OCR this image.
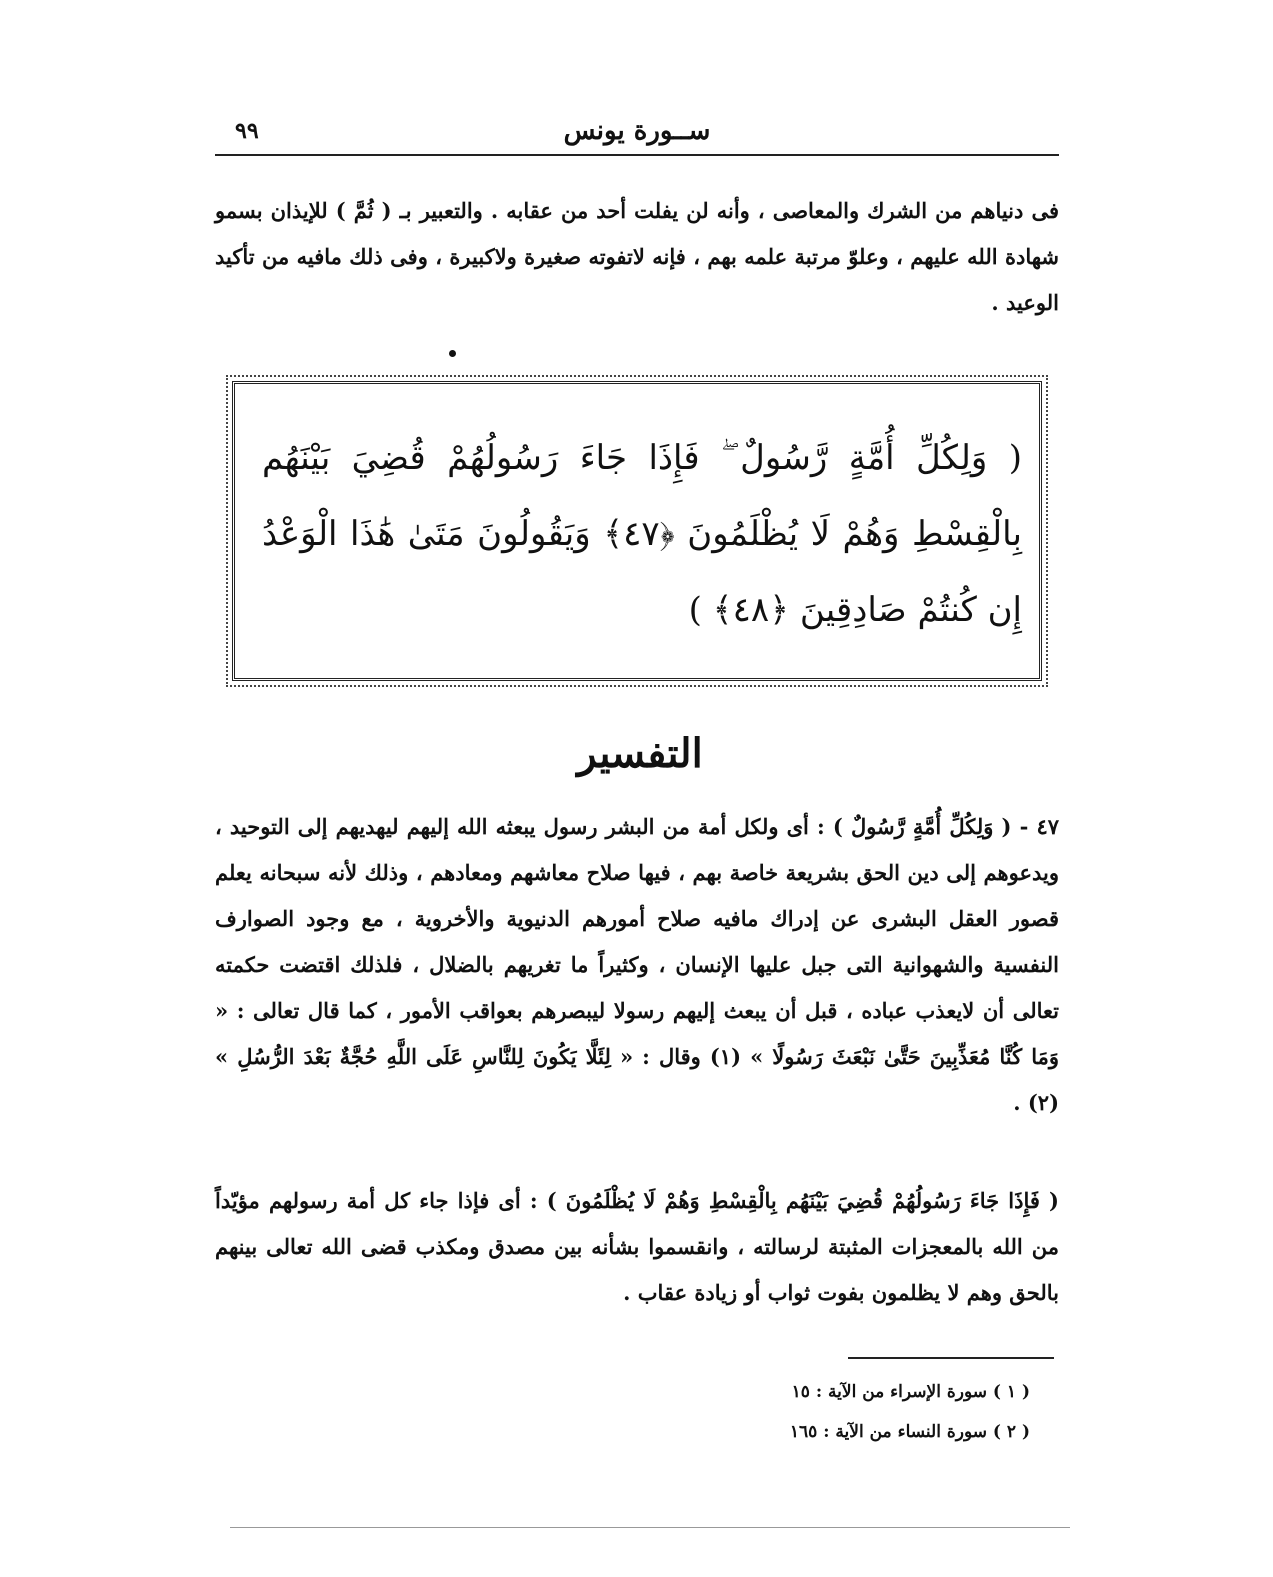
ســورة يونس
٩٩

فى دنياهم من الشرك والمعاصى ، وأنه لن يفلت أحد من عقابه . والتعبير بـ ( ثُمَّ ) للإيذان بسمو شهادة الله عليهم ، وعلوّ مرتبة علمه بهم ، فإنه لاتفوته صغيرة ولاكبيرة ، وفى ذلك مافيه من تأكيد الوعيد .

( وَلِكُلِّ أُمَّةٍ رَّسُولٌ ۖ فَإِذَا جَاءَ رَسُولُهُمْ قُضِيَ بَيْنَهُم بِالْقِسْطِ وَهُمْ لَا يُظْلَمُونَ ﴿٤٧﴾ وَيَقُولُونَ مَتَىٰ هَٰذَا الْوَعْدُ إِن كُنتُمْ صَادِقِينَ ﴿٤٨﴾ )

التفسير

٤٧ - ( وَلِكُلِّ أُمَّةٍ رَّسُولٌ ) : أى ولكل أمة من البشر رسول يبعثه الله إليهم ليهديهم إلى التوحيد ، ويدعوهم إلى دين الحق بشريعة خاصة بهم ، فيها صلاح معاشهم ومعادهم ، وذلك لأنه سبحانه يعلم قصور العقل البشرى عن إدراك مافيه صلاح أمورهم الدنيوية والأخروية ، مع وجود الصوارف النفسية والشهوانية التى جبل عليها الإنسان ، وكثيراً ما تغريهم بالضلال ، فلذلك اقتضت حكمته تعالى أن لايعذب عباده ، قبل أن يبعث إليهم رسولا ليبصرهم بعواقب الأمور ، كما قال تعالى : « وَمَا كُنَّا مُعَذِّبِينَ حَتَّىٰ نَبْعَثَ رَسُولًا » (١) وقال : « لِئَلَّا يَكُونَ لِلنَّاسِ عَلَى اللَّهِ حُجَّةٌ بَعْدَ الرُّسُلِ » (٢) .

( فَإِذَا جَاءَ رَسُولُهُمْ قُضِيَ بَيْنَهُم بِالْقِسْطِ وَهُمْ لَا يُظْلَمُونَ ) : أى فإذا جاء كل أمة رسولهم مؤيّداً من الله بالمعجزات المثبتة لرسالته ، وانقسموا بشأنه بين مصدق ومكذب قضى الله تعالى بينهم بالحق وهم لا يظلمون بفوت ثواب أو زيادة عقاب .

( ١ ) سورة الإسراء من الآية : ١٥
( ٢ ) سورة النساء من الآية : ١٦٥
